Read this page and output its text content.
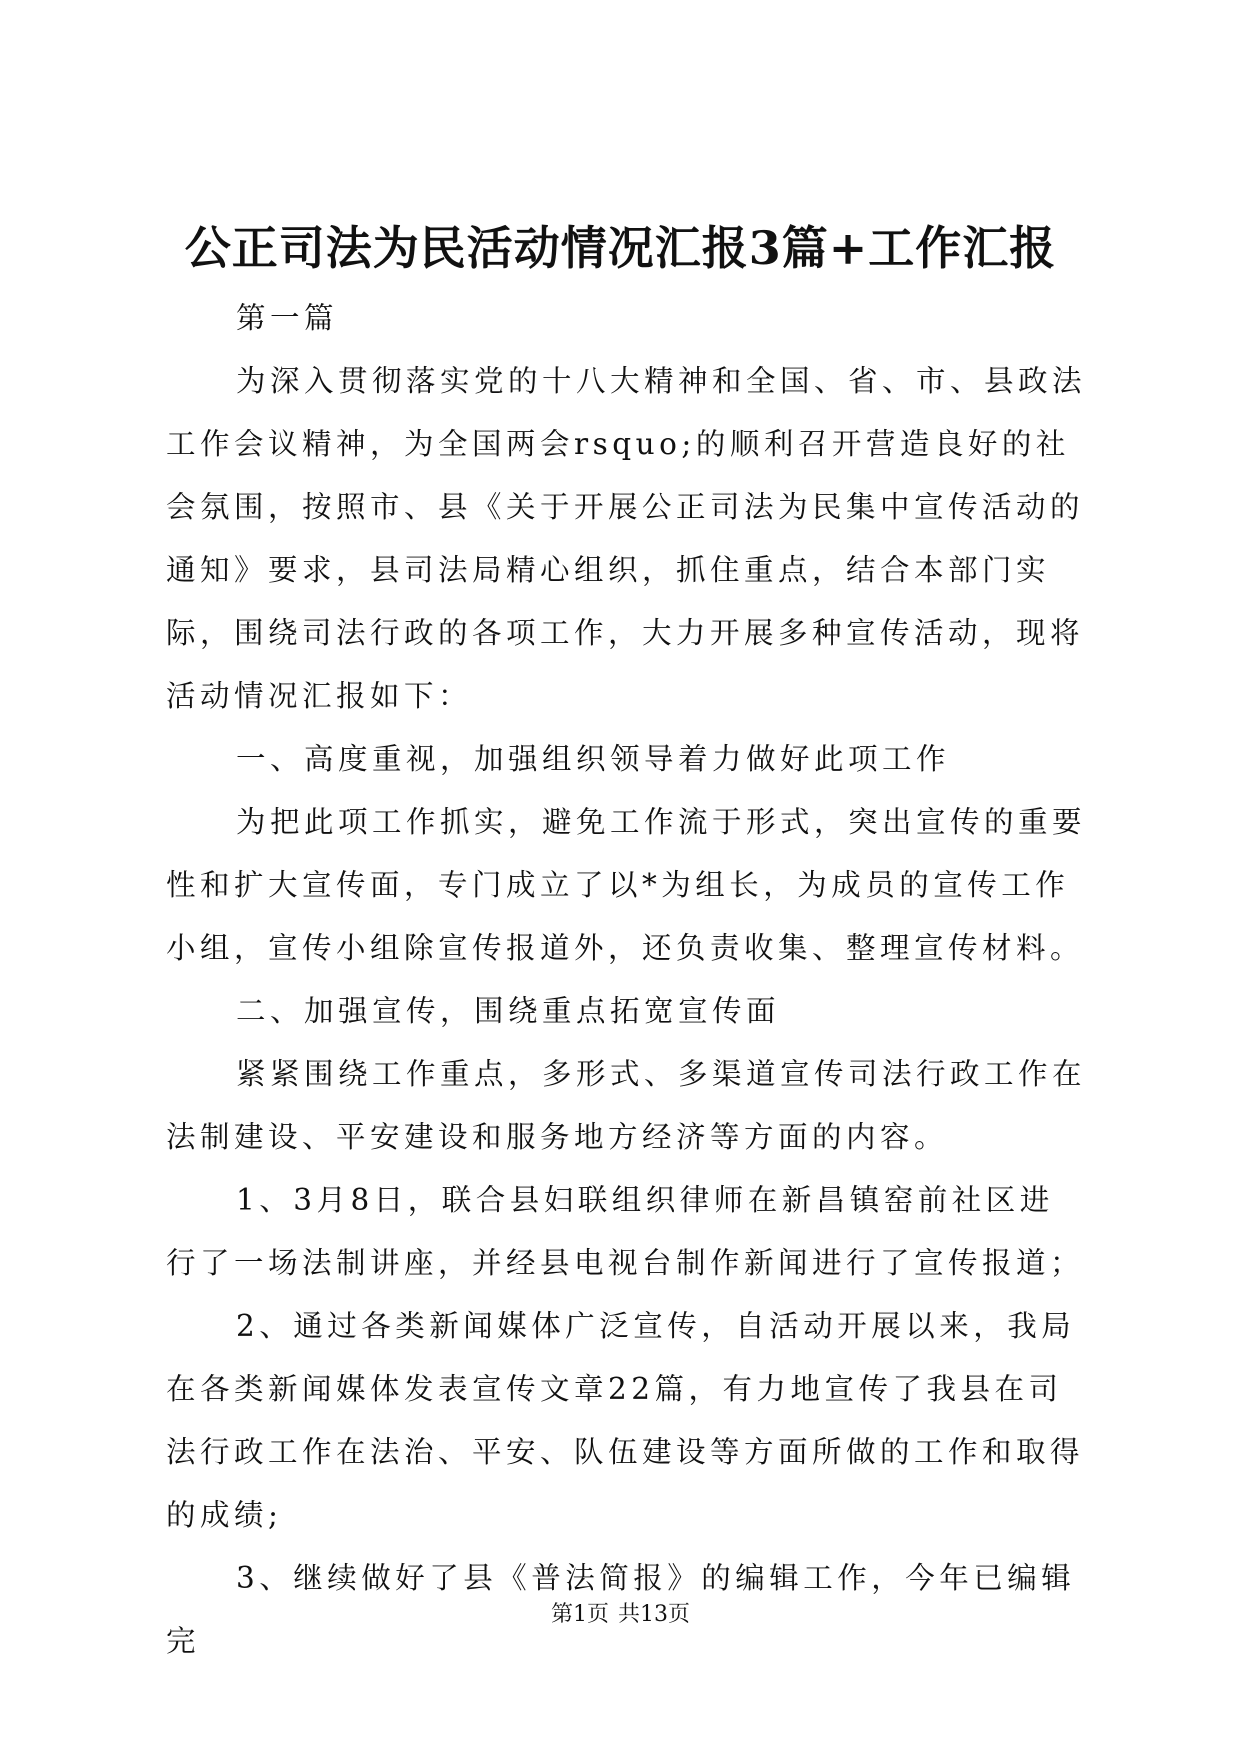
公正司法为民活动情况汇报3篇+工作汇报

第一篇

为深入贯彻落实党的十八大精神和全国、省、市、县政法工作会议精神，为全国两会rsquo;的顺利召开营造良好的社会氛围，按照市、县《关于开展公正司法为民集中宣传活动的通知》要求，县司法局精心组织，抓住重点，结合本部门实际，围绕司法行政的各项工作，大力开展多种宣传活动，现将活动情况汇报如下：

一、高度重视，加强组织领导着力做好此项工作

为把此项工作抓实，避免工作流于形式，突出宣传的重要性和扩大宣传面，专门成立了以*为组长，为成员的宣传工作小组，宣传小组除宣传报道外，还负责收集、整理宣传材料。

二、加强宣传，围绕重点拓宽宣传面

紧紧围绕工作重点，多形式、多渠道宣传司法行政工作在法制建设、平安建设和服务地方经济等方面的内容。

1、3月8日，联合县妇联组织律师在新昌镇窑前社区进行了一场法制讲座，并经县电视台制作新闻进行了宣传报道；

2、通过各类新闻媒体广泛宣传，自活动开展以来，我局在各类新闻媒体发表宣传文章22篇，有力地宣传了我县在司法行政工作在法治、平安、队伍建设等方面所做的工作和取得的成绩;

3、继续做好了县《普法简报》的编辑工作，今年已编辑完

第1页 共13页
